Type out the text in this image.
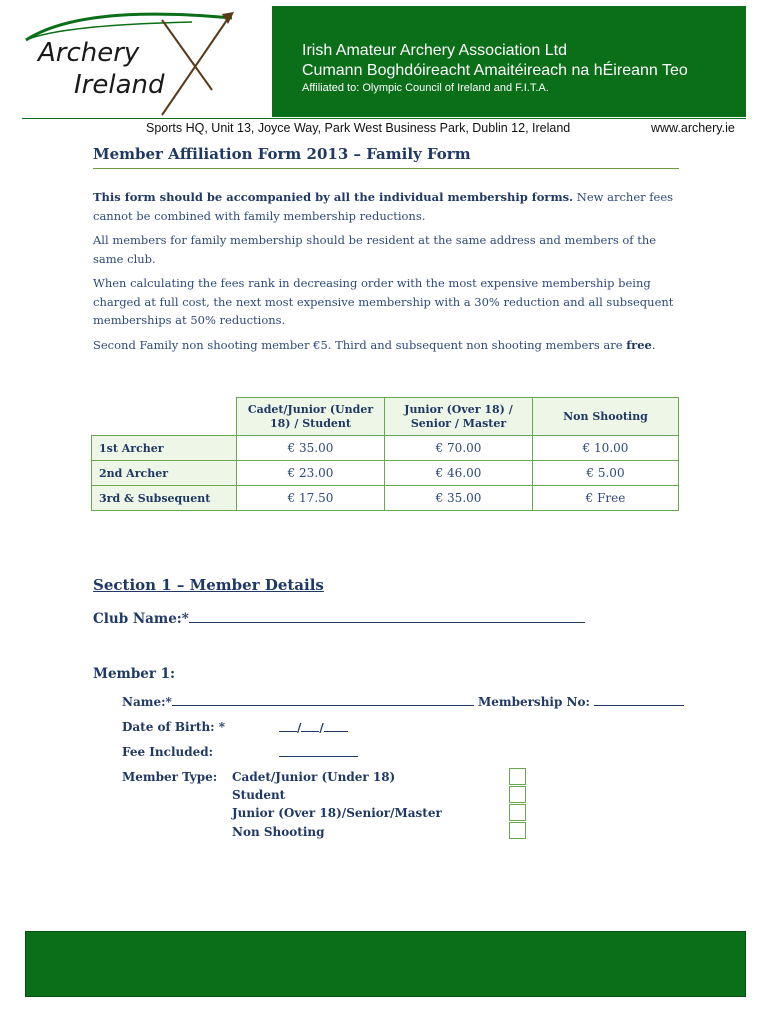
Archery
Ireland
Irish Amateur Archery Association Ltd
Cumann Boghdóireacht Amaitéireach na hÉireann Teo
Affiliated to: Olympic Council of Ireland and F.I.T.A.
Sports HQ, Unit 13, Joyce Way, Park West Business Park, Dublin 12, Ireland	www.archery.ie
Member Affiliation Form 2013 – Family Form
This form should be accompanied by all the individual membership forms. New archer fees cannot be combined with family membership reductions.
All members for family membership should be resident at the same address and members of the same club.
When calculating the fees rank in decreasing order with the most expensive membership being charged at full cost, the next most expensive membership with a 30% reduction and all subsequent memberships at 50% reductions.
Second Family non shooting member €5. Third and subsequent non shooting members are free.
	Cadet/Junior (Under 18) / Student	Junior (Over 18) / Senior / Master	Non Shooting
1st Archer	€ 35.00	€ 70.00	€ 10.00
2nd Archer	€ 23.00	€ 46.00	€ 5.00
3rd & Subsequent	€ 17.50	€ 35.00	€ Free
Section 1 – Member Details
Club Name:*
Member 1:
Name:*	Membership No:
Date of Birth: *	/ /
Fee Included:
Member Type: Cadet/Junior (Under 18)
Student
Junior (Over 18)/Senior/Master
Non Shooting
